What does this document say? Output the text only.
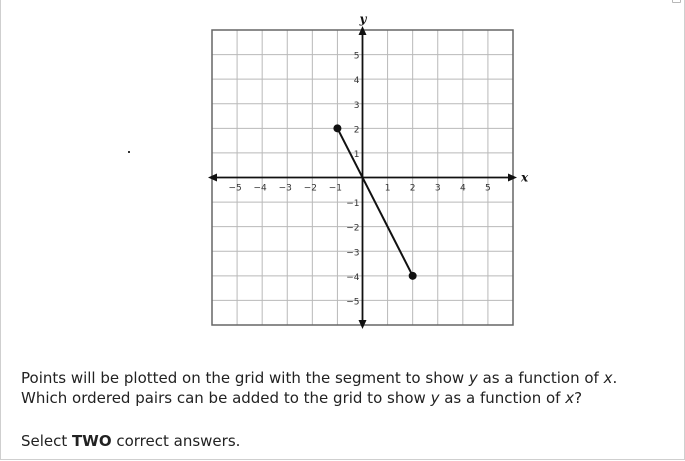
−5 −4 −3 −2 −1	1 2 3 4 5
5
4
3
2
1
−1
−2
−3
−4
−5
x
y

Points will be plotted on the grid with the segment to show y as a function of x.

Which ordered pairs can be added to the grid to show y as a function of x?

Select TWO correct answers.
